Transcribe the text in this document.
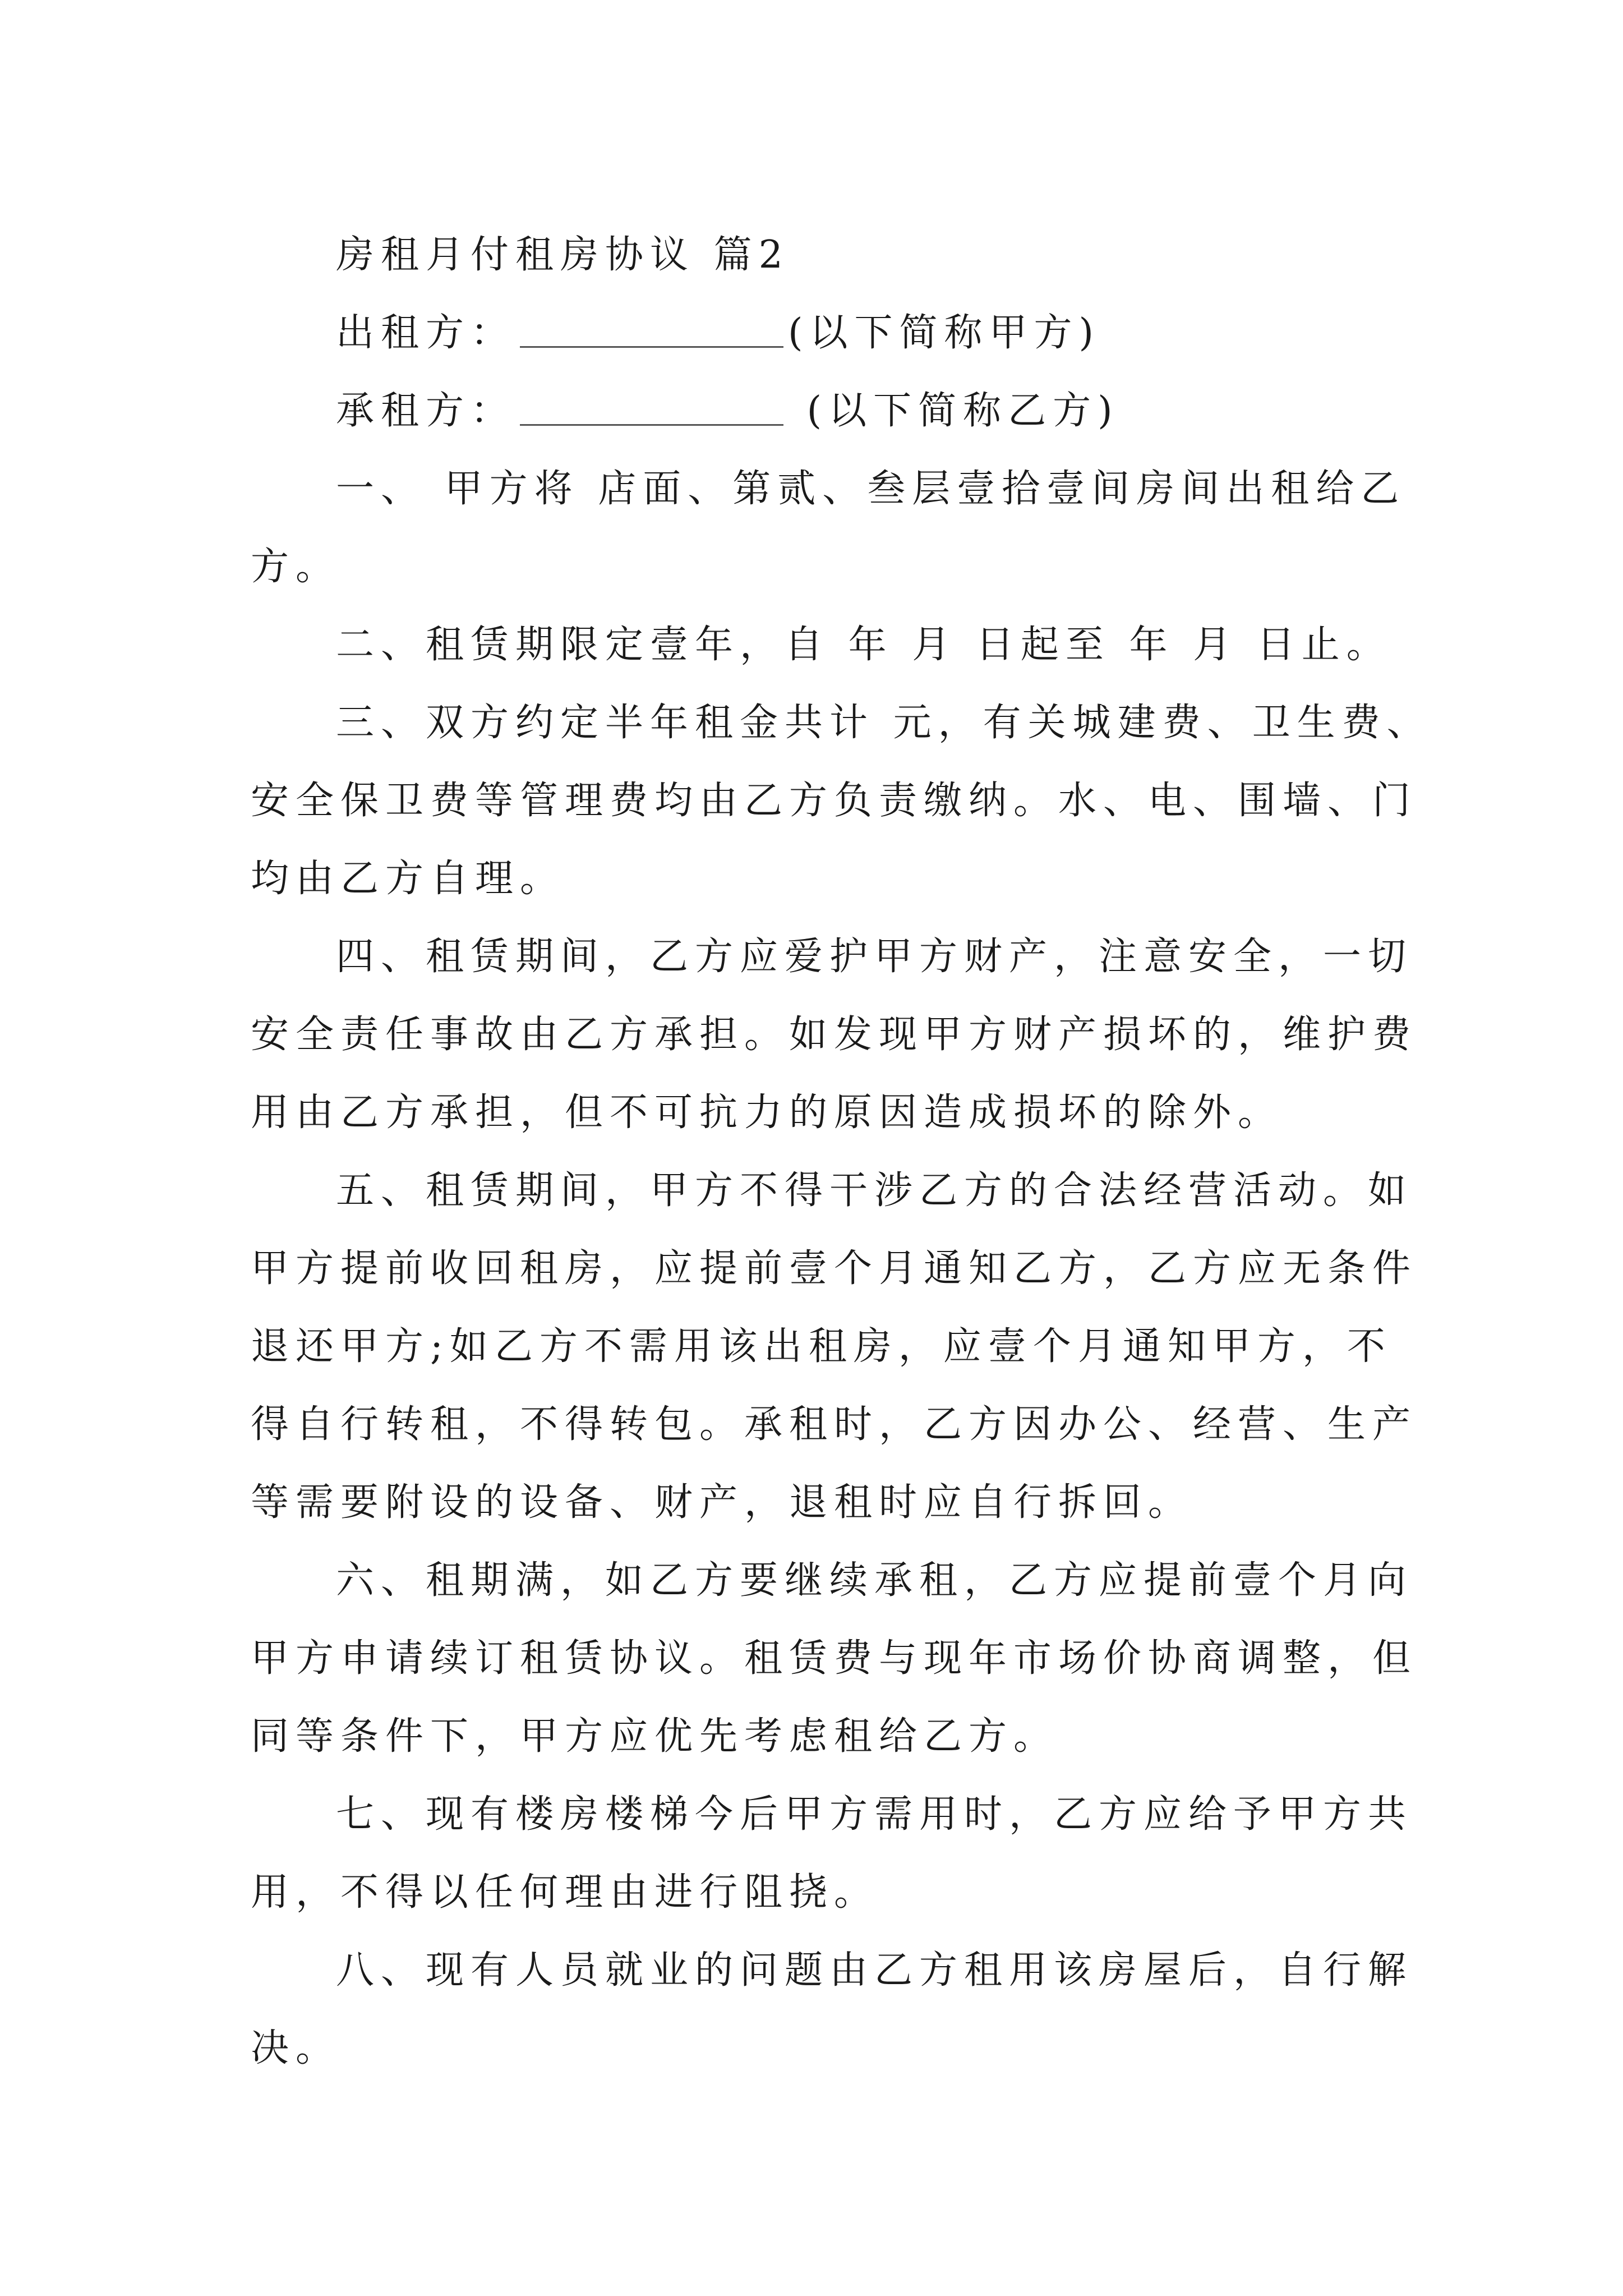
房租月付租房协议 篇2
出租方：	(以下简称甲方)
承租方：	(以下简称乙方)
一、 甲方将 店面、第贰、叁层壹拾壹间房间出租给乙
方。
二、租赁期限定壹年，自 年 月 日起至 年 月 日止。
三、双方约定半年租金共计 元，有关城建费、卫生费、
安全保卫费等管理费均由乙方负责缴纳。水、电、围墙、门
均由乙方自理。
四、租赁期间，乙方应爱护甲方财产，注意安全，一切
安全责任事故由乙方承担。如发现甲方财产损坏的，维护费
用由乙方承担，但不可抗力的原因造成损坏的除外。
五、租赁期间，甲方不得干涉乙方的合法经营活动。如
甲方提前收回租房，应提前壹个月通知乙方，乙方应无条件
退还甲方;如乙方不需用该出租房，应壹个月通知甲方，不
得自行转租，不得转包。承租时，乙方因办公、经营、生产
等需要附设的设备、财产，退租时应自行拆回。
六、租期满，如乙方要继续承租，乙方应提前壹个月向
甲方申请续订租赁协议。租赁费与现年市场价协商调整，但
同等条件下，甲方应优先考虑租给乙方。
七、现有楼房楼梯今后甲方需用时，乙方应给予甲方共
用，不得以任何理由进行阻挠。
八、现有人员就业的问题由乙方租用该房屋后，自行解
决。
